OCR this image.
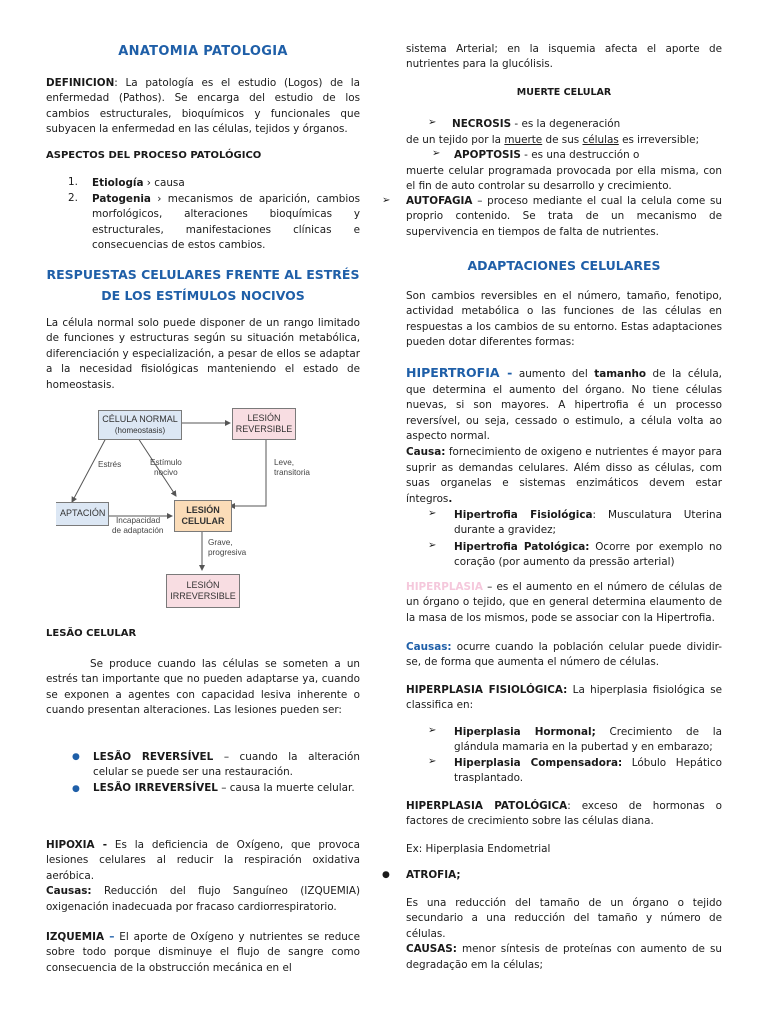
ANATOMIA PATOLOGIA

DEFINICION: La patología es el estudio (Logos) de la enfermedad (Pathos). Se encarga del estudio de los cambios estructurales, bioquímicos y funcionales que subyacen la enfermedad en las células, tejidos y órganos.

ASPECTOS DEL PROCESO PATOLÓGICO
1. Etiología › causa

2. Patogenia › mecanismos de aparición, cambios morfológicos, alteraciones bioquímicas y estructurales, manifestaciones clínicas e consecuencias de estos cambios.

RESPUESTAS CELULARES FRENTE AL ESTRÉS DE LOS ESTÍMULOS NOCIVOS

La célula normal solo puede disponer de un rango limitado de funciones y estructuras según su situación metabólica, diferenciación y especialización, a pesar de ellos se adaptar a la necesidad fisiológicas manteniendo el estado de homeostasis.

CÉLULA NORMAL
(homeostasis)
LESIÓN
REVERSIBLE
APTACIÓN	LESIÓN
CELULAR
LESIÓN
IRREVERSIBLE
Estrés	Estímulo
nocivo
Leve,
transitoria
Incapacidad
de adaptación
Grave,
progresiva
LESÃO CELULAR

Se produce cuando las células se someten a un estrés tan importante que no pueden adaptarse ya, cuando se exponen a agentes con capacidad lesiva inherente o cuando presentan alteraciones. Las lesiones pueden ser:

● LESÃO REVERSÍVEL – cuando la alteración celular se puede ser una restauración.

● LESÃO IRREVERSÍVEL – causa la muerte celular.

HIPOXIA - Es la deficiencia de Oxígeno, que provoca lesiones celulares al reducir la respiración oxidativa aeróbica.
Causas: Reducción del flujo Sanguíneo (IZQUEMIA) oxigenación inadecuada por fracaso cardiorrespiratorio.

IZQUEMIA – El aporte de Oxígeno y nutrientes se reduce sobre todo porque disminuye el flujo de sangre como consecuencia de la obstrucción mecánica en el

sistema Arterial; en la isquemia afecta el aporte de nutrientes para la glucólisis.

MUERTE CELULAR
➢ NECROSIS - es la degeneración

de un tejido por la muerte de sus células es irreversible;

➢ APOPTOSIS - es una destrucción o

muerte celular programada provocada por ella misma, con el fin de auto controlar su desarrollo y crecimiento.

➢ AUTOFAGIA – proceso mediante el cual la celula come su proprio contenido. Se trata de un mecanismo de supervivencia en tiempos de falta de nutrientes.

ADAPTACIONES CELULARES

Son cambios reversibles en el número, tamaño, fenotipo, actividad metabólica o las funciones de las células en respuestas a los cambios de su entorno. Estas adaptaciones pueden dotar diferentes formas:

HIPERTROFIA - aumento del tamanho de la célula, que determina el aumento del órgano. No tiene células nuevas, si son mayores. A hipertrofia é un processo reversível, ou seja, cessado o estimulo, a célula volta ao aspecto normal.
Causa: fornecimiento de oxigeno e nutrientes é mayor para suprir as demandas celulares. Além disso as células, com suas organelas e sistemas enzimáticos devem estar íntegros.

➢ Hipertrofia Fisiológica: Musculatura Uterina durante a gravidez;

➢ Hipertrofia Patológica: Ocorre por exemplo no coração (por aumento da pressão arterial)

HIPERPLASIA – es el aumento en el número de células de un órgano o tejido, que en general determina elaumento de la masa de los mismos, pode se associar con la Hipertrofia.

Causas: ocurre cuando la población celular puede dividir-se, de forma que aumenta el número de células.

HIPERPLASIA FISIOLÓGICA: La hiperplasia fisiológica se classifica en:

➢ Hiperplasia Hormonal; Crecimiento de la glándula mamaria en la pubertad y en embarazo;

➢ Hiperplasia Compensadora: Lóbulo Hepático trasplantado.

HIPERPLASIA PATOLÓGICA: exceso de hormonas o factores de crecimiento sobre las células diana.

Ex: Hiperplasia Endometrial

● ATROFIA;

Es una reducción del tamaño de un órgano o tejido secundario a una reducción del tamaño y número de células.
CAUSAS: menor síntesis de proteínas con aumento de su degradação em la células;
